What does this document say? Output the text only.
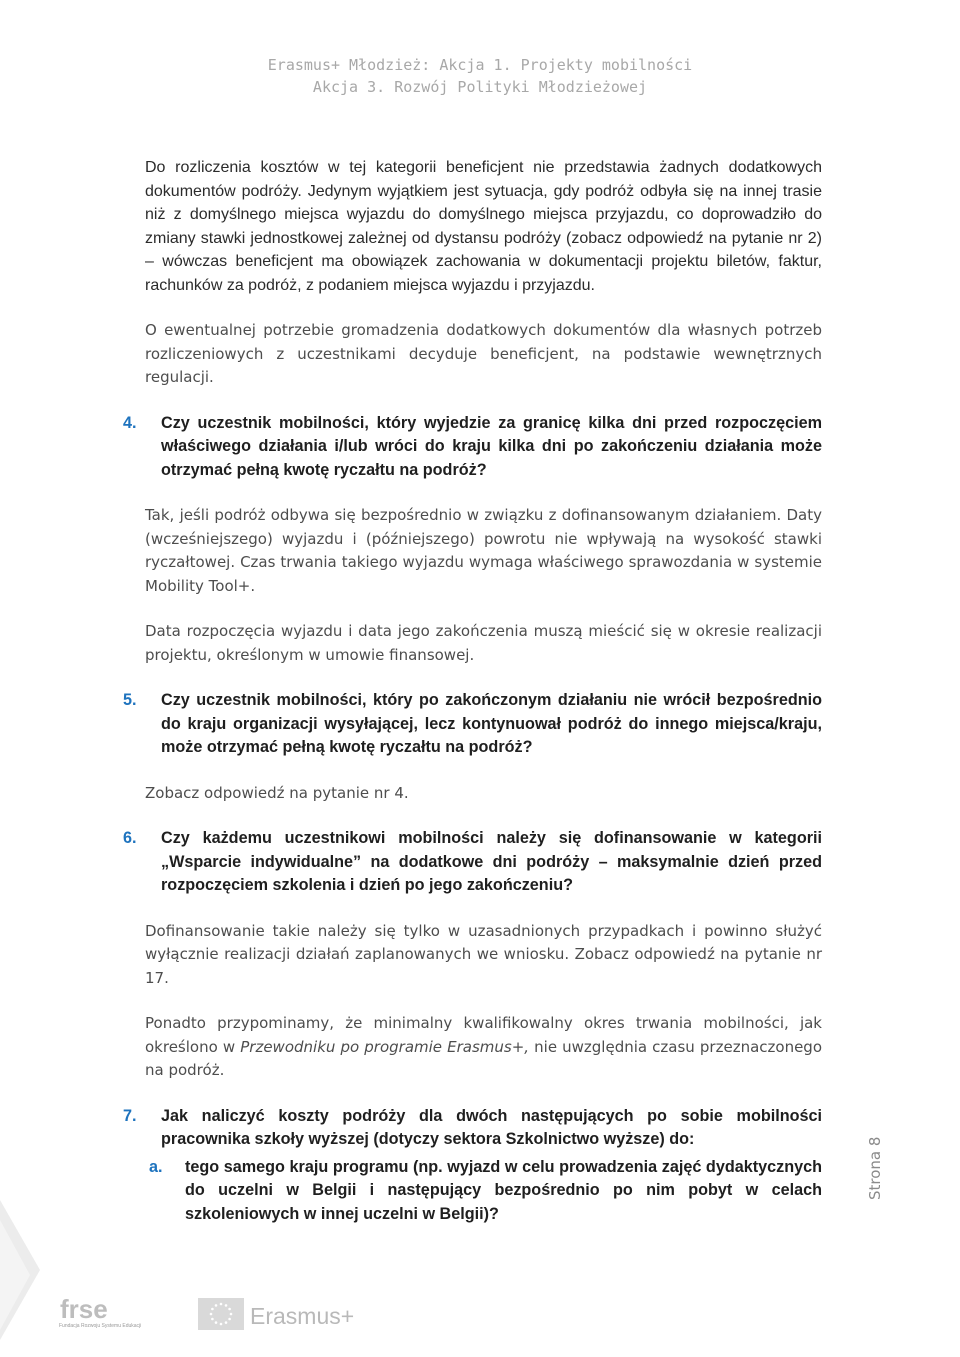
Erasmus+ Młodzież: Akcja 1. Projekty mobilności
Akcja 3. Rozwój Polityki Młodzieżowej

Do rozliczenia kosztów w tej kategorii beneficjent nie przedstawia żadnych dodatkowych dokumentów podróży. Jedynym wyjątkiem jest sytuacja, gdy podróż odbyła się na innej trasie niż z domyślnego miejsca wyjazdu do domyślnego miejsca przyjazdu, co doprowadziło do zmiany stawki jednostkowej zależnej od dystansu podróży (zobacz odpowiedź na pytanie nr 2) – wówczas beneficjent ma obowiązek zachowania w dokumentacji projektu biletów, faktur, rachunków za podróż, z podaniem miejsca wyjazdu i przyjazdu.

O ewentualnej potrzebie gromadzenia dodatkowych dokumentów dla własnych potrzeb rozliczeniowych z uczestnikami decyduje beneficjent, na podstawie wewnętrznych regulacji.

4. Czy uczestnik mobilności, który wyjedzie za granicę kilka dni przed rozpoczęciem właściwego działania i/lub wróci do kraju kilka dni po zakończeniu działania może otrzymać pełną kwotę ryczałtu na podróż?

Tak, jeśli podróż odbywa się bezpośrednio w związku z dofinansowanym działaniem. Daty (wcześniejszego) wyjazdu i (późniejszego) powrotu nie wpływają na wysokość stawki ryczałtowej. Czas trwania takiego wyjazdu wymaga właściwego sprawozdania w systemie Mobility Tool+.

Data rozpoczęcia wyjazdu i data jego zakończenia muszą mieścić się w okresie realizacji projektu, określonym w umowie finansowej.

5. Czy uczestnik mobilności, który po zakończonym działaniu nie wrócił bezpośrednio do kraju organizacji wysyłającej, lecz kontynuował podróż do innego miejsca/kraju, może otrzymać pełną kwotę ryczałtu na podróż?

Zobacz odpowiedź na pytanie nr 4.

6. Czy każdemu uczestnikowi mobilności należy się dofinansowanie w kategorii „Wsparcie indywidualne” na dodatkowe dni podróży – maksymalnie dzień przed rozpoczęciem szkolenia i dzień po jego zakończeniu?

Dofinansowanie takie należy się tylko w uzasadnionych przypadkach i powinno służyć wyłącznie realizacji działań zaplanowanych we wniosku. Zobacz odpowiedź na pytanie nr 17.

Ponadto przypominamy, że minimalny kwalifikowalny okres trwania mobilności, jak określono w Przewodniku po programie Erasmus+, nie uwzględnia czasu przeznaczonego na podróż.

7. Jak naliczyć koszty podróży dla dwóch następujących po sobie mobilności pracownika szkoły wyższej (dotyczy sektora Szkolnictwo wyższe) do:
a. tego samego kraju programu (np. wyjazd w celu prowadzenia zajęć dydaktycznych do uczelni w Belgii i następujący bezpośrednio po nim pobyt w celach szkoleniowych w innej uczelni w Belgii)?
Strona 8
frse
Fundacja Rozwoju Systemu Edukacji	Erasmus+
